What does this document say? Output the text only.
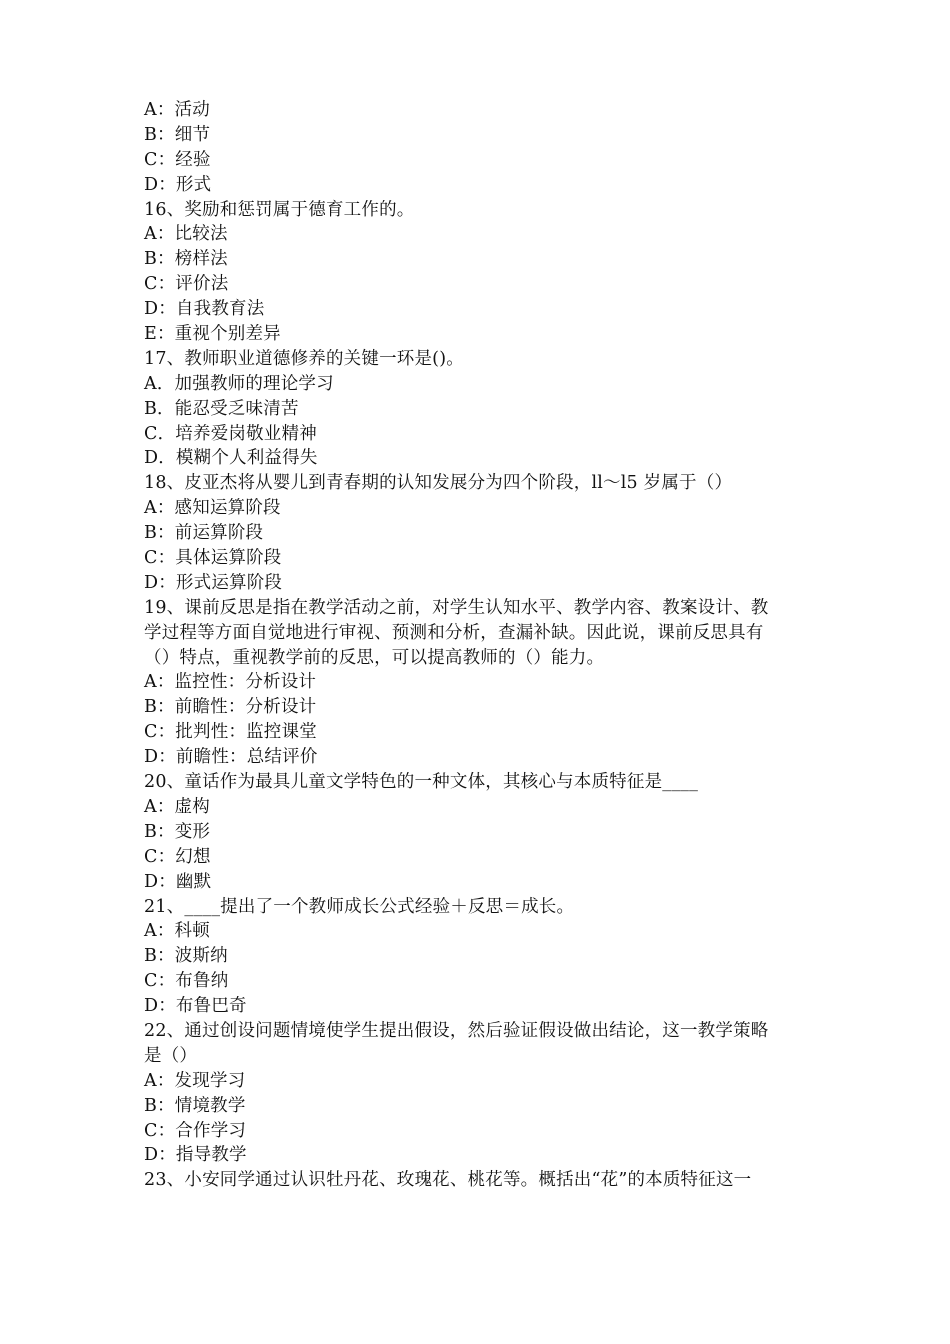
A：活动
B：细节
C：经验
D：形式
16、奖励和惩罚属于德育工作的。
A：比较法
B：榜样法
C：评价法
D：自我教育法
E：重视个别差异
17、教师职业道德修养的关键一环是()。
A．加强教师的理论学习
B．能忍受乏味清苦
C．培养爱岗敬业精神
D．模糊个人利益得失
18、皮亚杰将从婴儿到青春期的认知发展分为四个阶段，ll～l5 岁属于（）
A：感知运算阶段
B：前运算阶段
C：具体运算阶段
D：形式运算阶段
19、课前反思是指在教学活动之前，对学生认知水平、教学内容、教案设计、教
学过程等方面自觉地进行审视、预测和分析，查漏补缺。因此说，课前反思具有
（）特点，重视教学前的反思，可以提高教师的（）能力。
A：监控性：分析设计
B：前瞻性：分析设计
C：批判性：监控课堂
D：前瞻性：总结评价
20、童话作为最具儿童文学特色的一种文体，其核心与本质特征是____
A：虚构
B：变形
C：幻想
D：幽默
21、____提出了一个教师成长公式经验＋反思＝成长。
A：科顿
B：波斯纳
C：布鲁纳
D：布鲁巴奇
22、通过创设问题情境使学生提出假设，然后验证假设做出结论，这一教学策略
是（）
A：发现学习
B：情境教学
C：合作学习
D：指导教学
23、小安同学通过认识牡丹花、玫瑰花、桃花等。概括出“花”的本质特征这一
